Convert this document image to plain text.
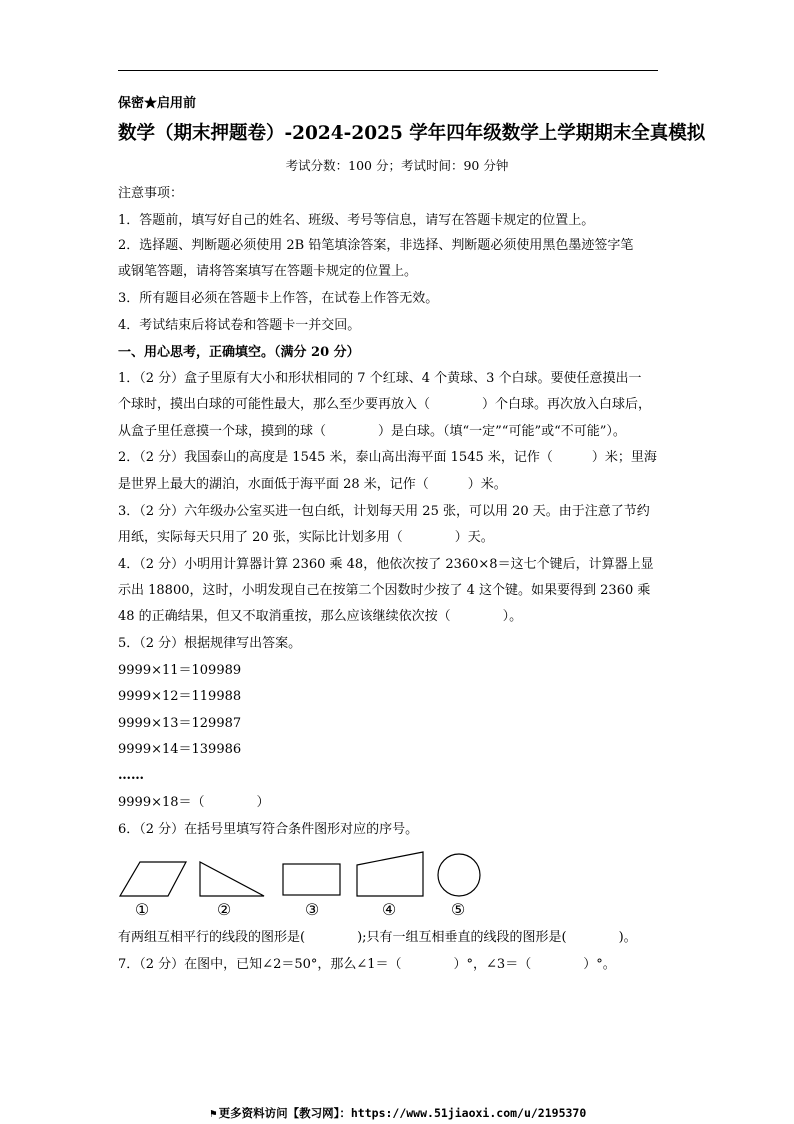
保密★启用前
数学（期末押题卷）-2024-2025 学年四年级数学上学期期末全真模拟
考试分数：100 分；考试时间：90 分钟
注意事项：
1．答题前，填写好自己的姓名、班级、考号等信息，请写在答题卡规定的位置上。
2．选择题、判断题必须使用 2B 铅笔填涂答案，非选择、判断题必须使用黑色墨迹签字笔
或钢笔答题，请将答案填写在答题卡规定的位置上。
3．所有题目必须在答题卡上作答，在试卷上作答无效。
4．考试结束后将试卷和答题卡一并交回。
一、用心思考，正确填空。（满分 20 分）
1．（2 分）盒子里原有大小和形状相同的 7 个红球、4 个黄球、3 个白球。要使任意摸出一
个球时，摸出白球的可能性最大，那么至少要再放入（　　　　）个白球。再次放入白球后，
从盒子里任意摸一个球，摸到的球（　　　　）是白球。（填“一定”“可能”或“不可能”）。
2．（2 分）我国泰山的高度是 1545 米，泰山高出海平面 1545 米，记作（　　　）米；里海
是世界上最大的湖泊，水面低于海平面 28 米，记作（　　　）米。
3．（2 分）六年级办公室买进一包白纸，计划每天用 25 张，可以用 20 天。由于注意了节约
用纸，实际每天只用了 20 张，实际比计划多用（　　　　）天。
4．（2 分）小明用计算器计算 2360 乘 48，他依次按了 2360×8＝这七个键后，计算器上显
示出 18800，这时，小明发现自己在按第二个因数时少按了 4 这个键。如果要得到 2360 乘
48 的正确结果，但又不取消重按，那么应该继续依次按（　　　　）。
5．（2 分）根据规律写出答案。
9999×11＝109989
9999×12＝119988
9999×13＝129987
9999×14＝139986
……
9999×18＝（　　　　）
6．（2 分）在括号里填写符合条件图形对应的序号。
①	②	③	④	⑤
有两组互相平行的线段的图形是(　　　　);只有一组互相垂直的线段的图形是(　　　　)。
7．（2 分）在图中，已知∠2＝50°，那么∠1＝（　　　　）°，∠3＝（　　　　）°。
⚑ 更多资料访问【教习网】：https://www.51jiaoxi.com/u/2195370
